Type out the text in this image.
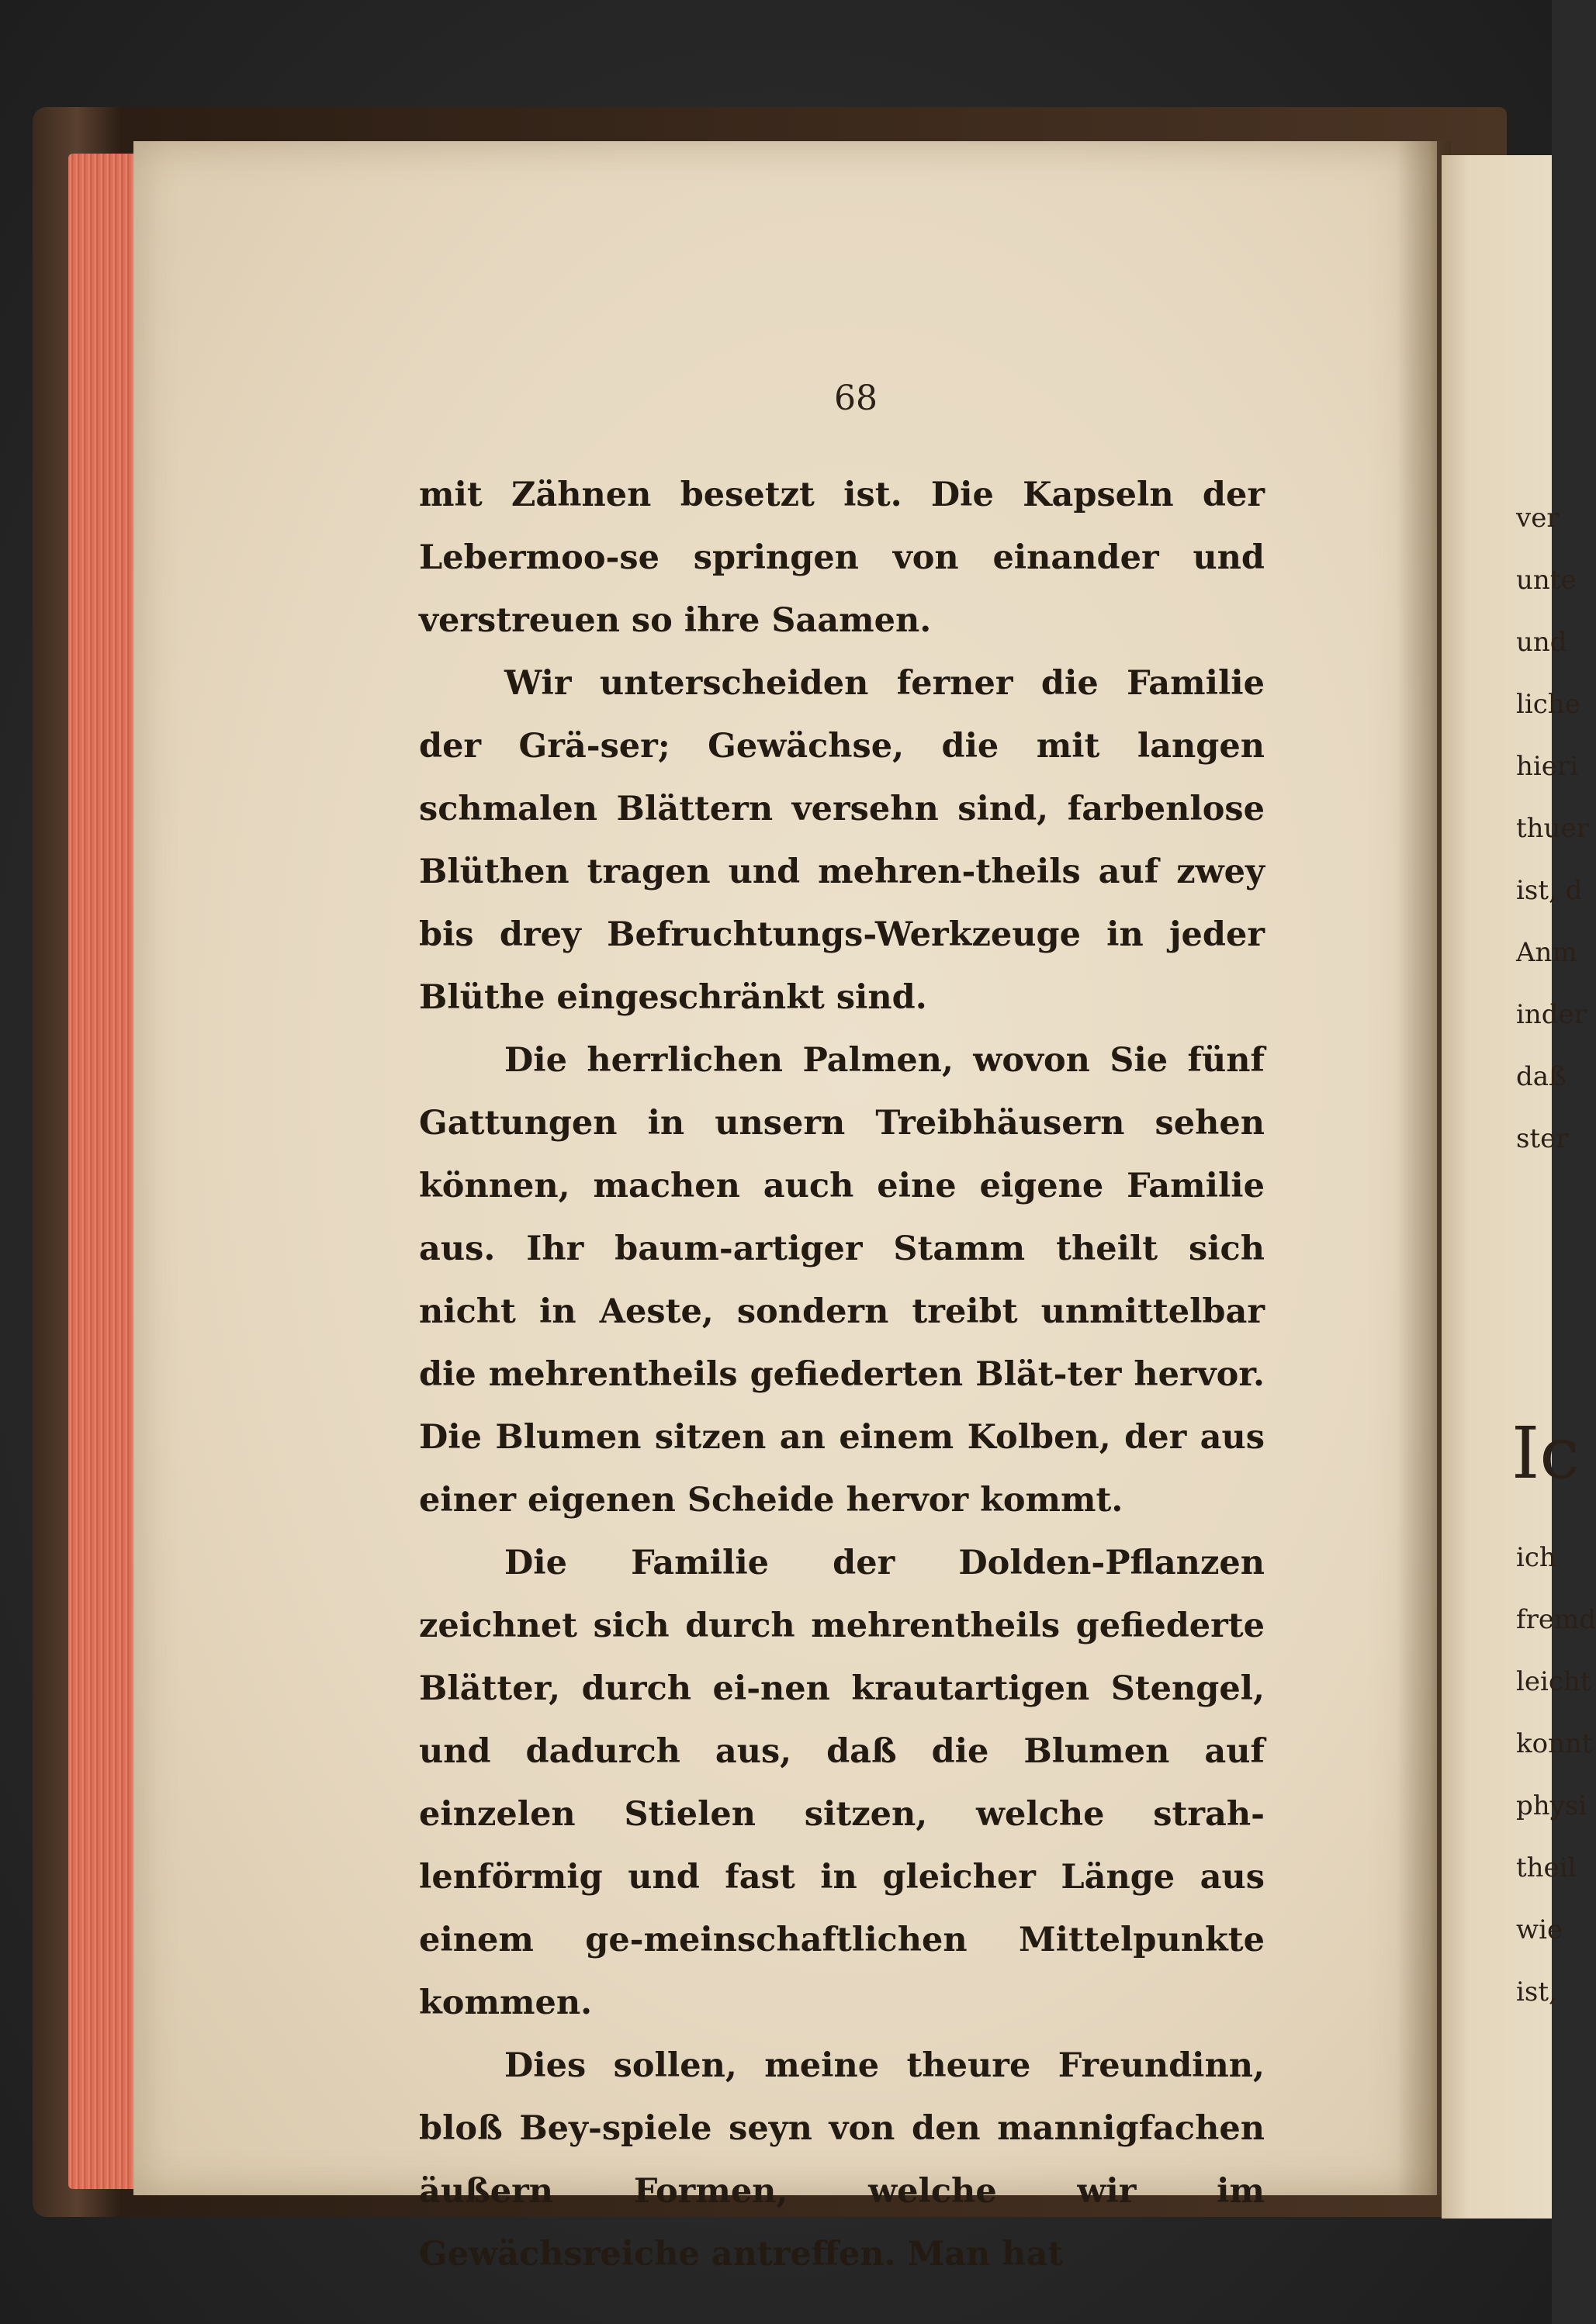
ver
unte
und
liche
hieri
thuer
ist, d
Anm
inder
daß
ster
Ic
ich
fremd
leicht
konnt
physi
theil
wie
ist,
68

mit Zähnen besetzt ist. Die Kapseln der Lebermoo-se springen von einander und verstreuen so ihre Saamen.

Wir unterscheiden ferner die Familie der Grä-ser; Gewächse, die mit langen schmalen Blättern versehn sind, farbenlose Blüthen tragen und mehren-theils auf zwey bis drey Befruchtungs-Werkzeuge in jeder Blüthe eingeschränkt sind.

Die herrlichen Palmen, wovon Sie fünf Gattungen in unsern Treibhäusern sehen können, machen auch eine eigene Familie aus. Ihr baum-artiger Stamm theilt sich nicht in Aeste, sondern treibt unmittelbar die mehrentheils gefiederten Blät-ter hervor. Die Blumen sitzen an einem Kolben, der aus einer eigenen Scheide hervor kommt.

Die Familie der Dolden-Pflanzen zeichnet sich durch mehrentheils gefiederte Blätter, durch ei-nen krautartigen Stengel, und dadurch aus, daß die Blumen auf einzelen Stielen sitzen, welche strah-lenförmig und fast in gleicher Länge aus einem ge-meinschaftlichen Mittelpunkte kommen.

Dies sollen, meine theure Freundinn, bloß Bey-spiele seyn von den mannigfachen äußern Formen, welche wir im Gewächsreiche antreffen. Man hat
